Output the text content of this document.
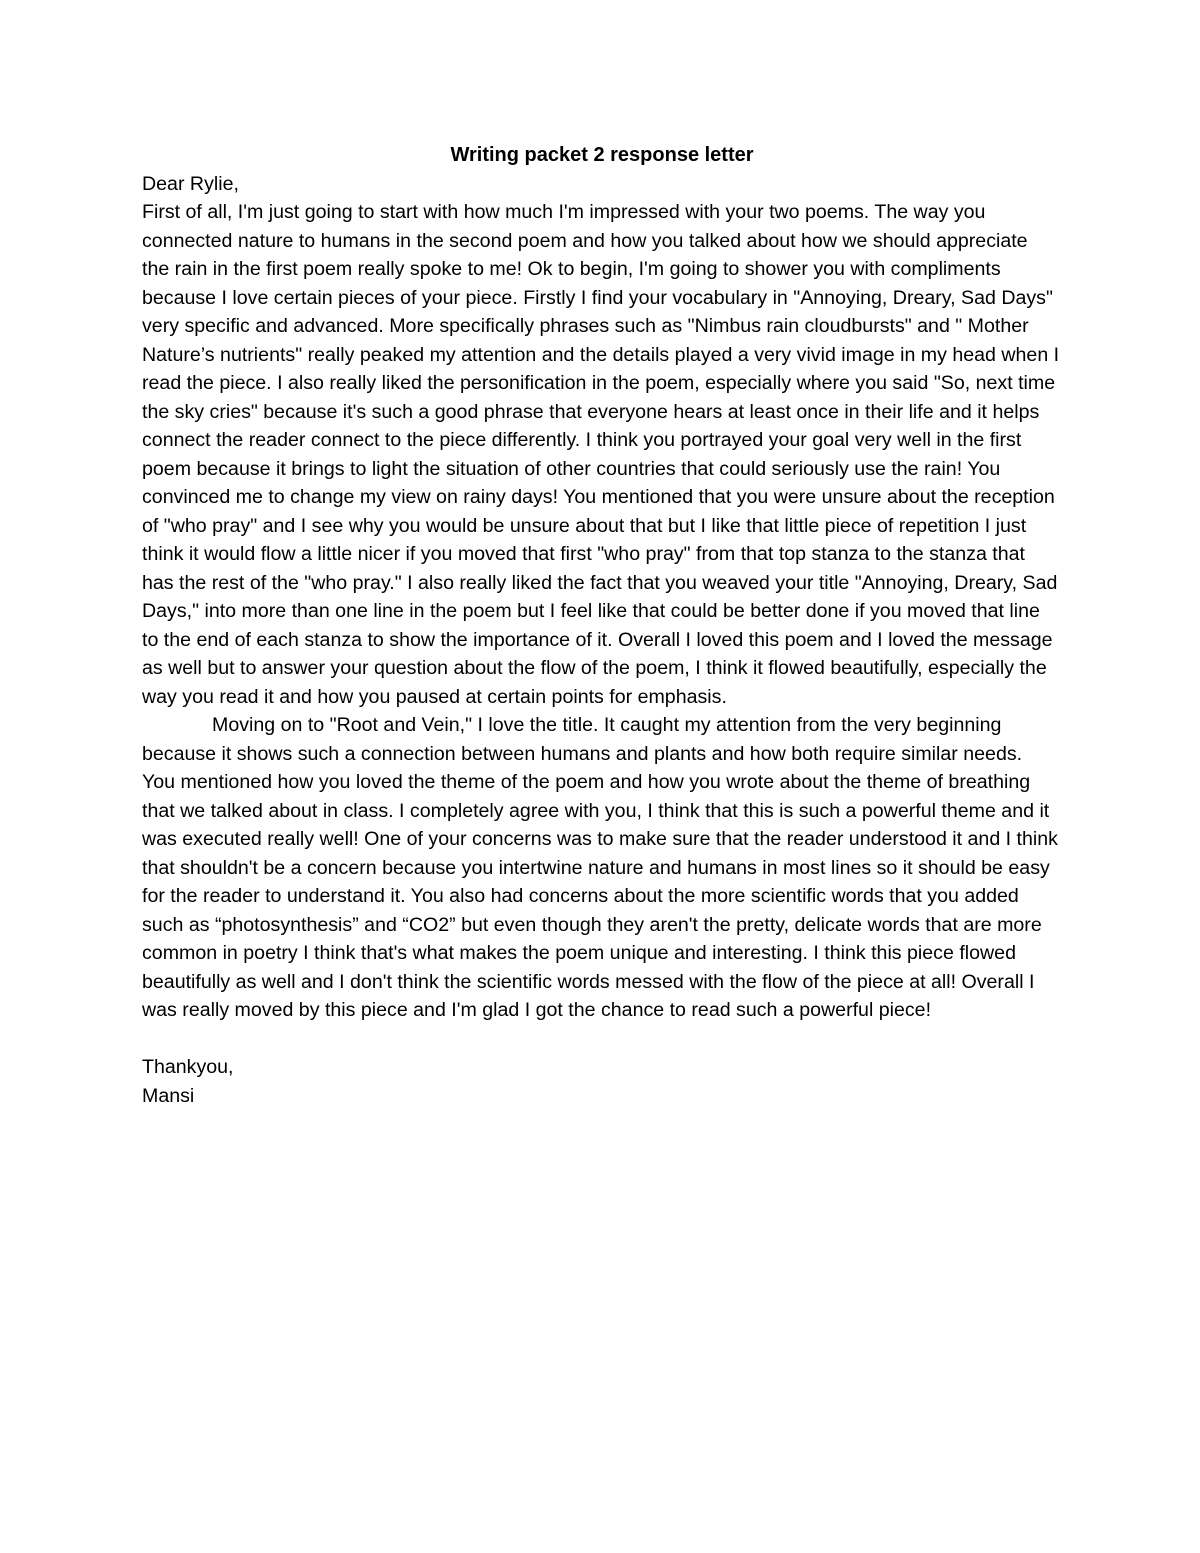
Writing packet 2 response letter

Dear Rylie,

First of all, I'm just going to start with how much I'm impressed with your two poems. The way you connected nature to humans in the second poem and how you talked about how we should appreciate the rain in the first poem really spoke to me! Ok to begin, I'm going to shower you with compliments because I love certain pieces of your piece. Firstly I find your vocabulary in "Annoying, Dreary, Sad Days" very specific and advanced. More specifically phrases such as "Nimbus rain cloudbursts" and " Mother Nature’s nutrients" really peaked my attention and the details played a very vivid image in my head when I read the piece. I also really liked the personification in the poem, especially where you said "So, next time the sky cries" because it's such a good phrase that everyone hears at least once in their life and it helps connect the reader connect to the piece differently. I think you portrayed your goal very well in the first poem because it brings to light the situation of other countries that could seriously use the rain! You convinced me to change my view on rainy days! You mentioned that you were unsure about the reception of "who pray" and I see why you would be unsure about that but I like that little piece of repetition I just think it would flow a little nicer if you moved that first "who pray" from that top stanza to the stanza that has the rest of the "who pray." I also really liked the fact that you weaved your title "Annoying, Dreary, Sad Days," into more than one line in the poem but I feel like that could be better done if you moved that line to the end of each stanza to show the importance of it. Overall I loved this poem and I loved the message as well but to answer your question about the flow of the poem, I think it flowed beautifully, especially the way you read it and how you paused at certain points for emphasis.

Moving on to "Root and Vein," I love the title. It caught my attention from the very beginning because it shows such a connection between humans and plants and how both require similar needs. You mentioned how you loved the theme of the poem and how you wrote about the theme of breathing that we talked about in class. I completely agree with you, I think that this is such a powerful theme and it was executed really well! One of your concerns was to make sure that the reader understood it and I think that shouldn't be a concern because you intertwine nature and humans in most lines so it should be easy for the reader to understand it. You also had concerns about the more scientific words that you added such as “photosynthesis” and “CO2” but even though they aren't the pretty, delicate words that are more common in poetry I think that's what makes the poem unique and interesting. I think this piece flowed beautifully as well and I don't think the scientific words messed with the flow of the piece at all! Overall I was really moved by this piece and I'm glad I got the chance to read such a powerful piece!

Thankyou,

Mansi
